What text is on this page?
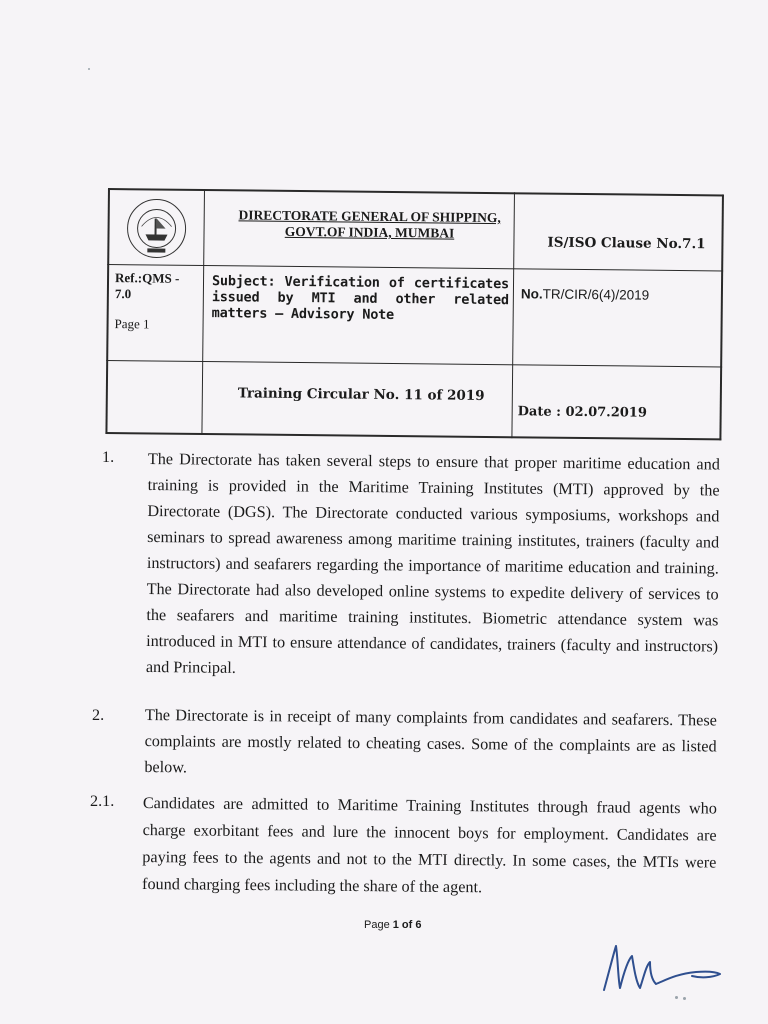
DIRECTORATE GENERAL OF SHIPPING,
GOVT.OF INDIA, MUMBAI
IS/ISO Clause No.7.1
Ref.:QMS -
7.0
Page 1
Subject: Verification of certificates issued by MTI and other related matters – Advisory Note
No.TR/CIR/6(4)/2019
Training Circular No. 11 of 2019
Date : 02.07.2019
1. The Directorate has taken several steps to ensure that proper maritime education and training is provided in the Maritime Training Institutes (MTI) approved by the Directorate (DGS). The Directorate conducted various symposiums, workshops and seminars to spread awareness among maritime training institutes, trainers (faculty and instructors) and seafarers regarding the importance of maritime education and training. The Directorate had also developed online systems to expedite delivery of services to the seafarers and maritime training institutes. Biometric attendance system was introduced in MTI to ensure attendance of candidates, trainers (faculty and instructors) and Principal.
2.	The Directorate is in receipt of many complaints from candidates and seafarers. These complaints are mostly related to cheating cases. Some of the complaints are as listed below.
2.1. Candidates are admitted to Maritime Training Institutes through fraud agents who charge exorbitant fees and lure the innocent boys for employment. Candidates are paying fees to the agents and not to the MTI directly. In some cases, the MTIs were found charging fees including the share of the agent.
Page 1 of 6
